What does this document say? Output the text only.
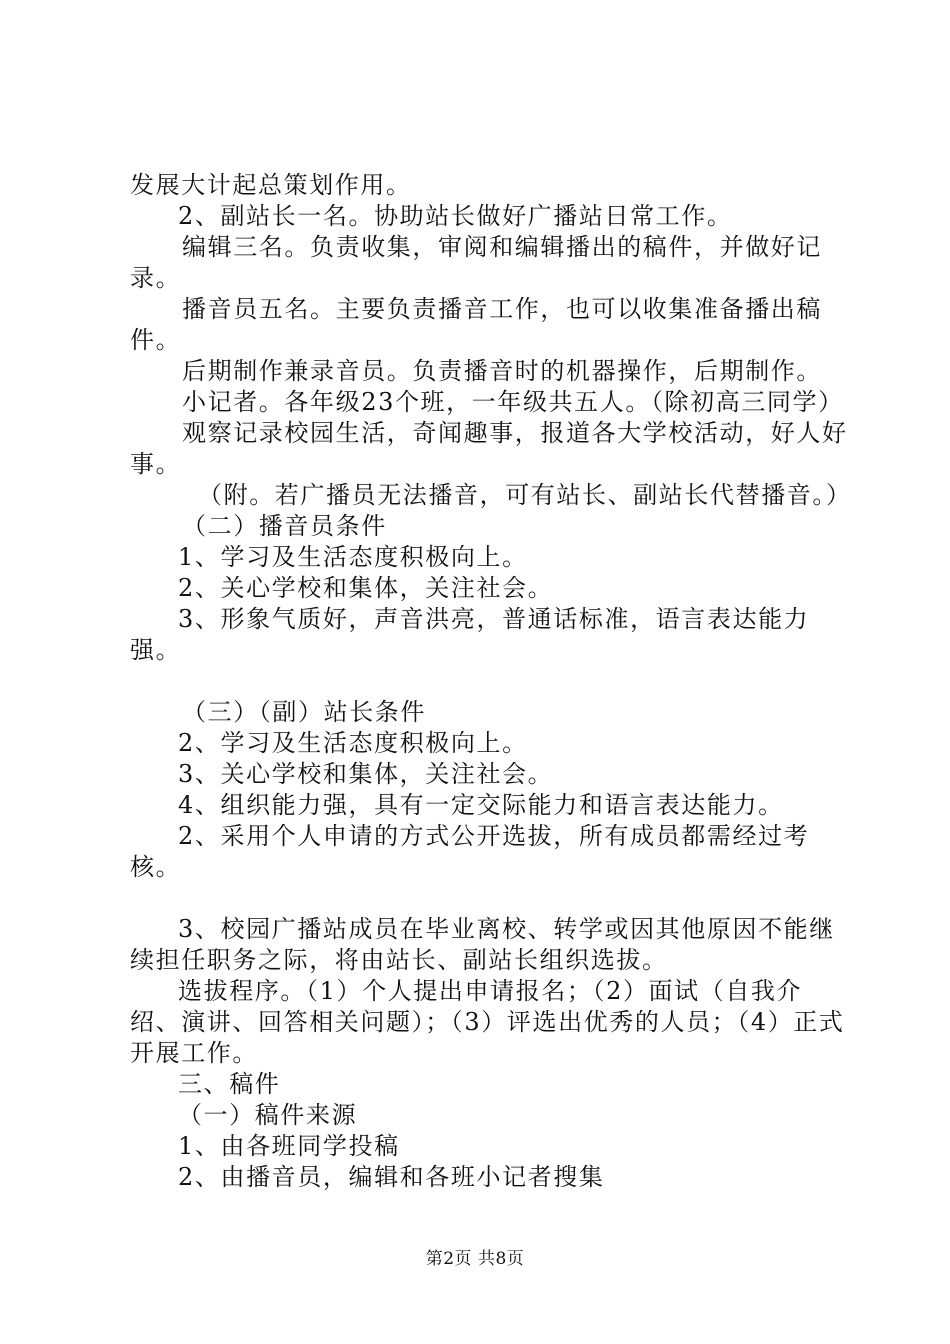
发展大计起总策划作用。

2、副站长一名。协助站长做好广播站日常工作。

编辑三名。负责收集，审阅和编辑播出的稿件，并做好记录。

播音员五名。主要负责播音工作，也可以收集准备播出稿件。

后期制作兼录音员。负责播音时的机器操作，后期制作。

小记者。各年级23个班，一年级共五人。（除初高三同学）

观察记录校园生活，奇闻趣事，报道各大学校活动，好人好事。

（附。若广播员无法播音，可有站长、副站长代替播音。）

（二）播音员条件

1、学习及生活态度积极向上。

2、关心学校和集体，关注社会。

3、形象气质好，声音洪亮，普通话标准，语言表达能力强。

（三）（副）站长条件

2、学习及生活态度积极向上。

3、关心学校和集体，关注社会。

4、组织能力强，具有一定交际能力和语言表达能力。

2、采用个人申请的方式公开选拔，所有成员都需经过考核。

3、校园广播站成员在毕业离校、转学或因其他原因不能继续担任职务之际，将由站长、副站长组织选拔。

选拔程序。（1）个人提出申请报名；（2）面试（自我介绍、演讲、回答相关问题）；（3）评选出优秀的人员；（4）正式开展工作。

三、稿件

（一）稿件来源

1、由各班同学投稿

2、由播音员，编辑和各班小记者搜集

第2页 共8页
